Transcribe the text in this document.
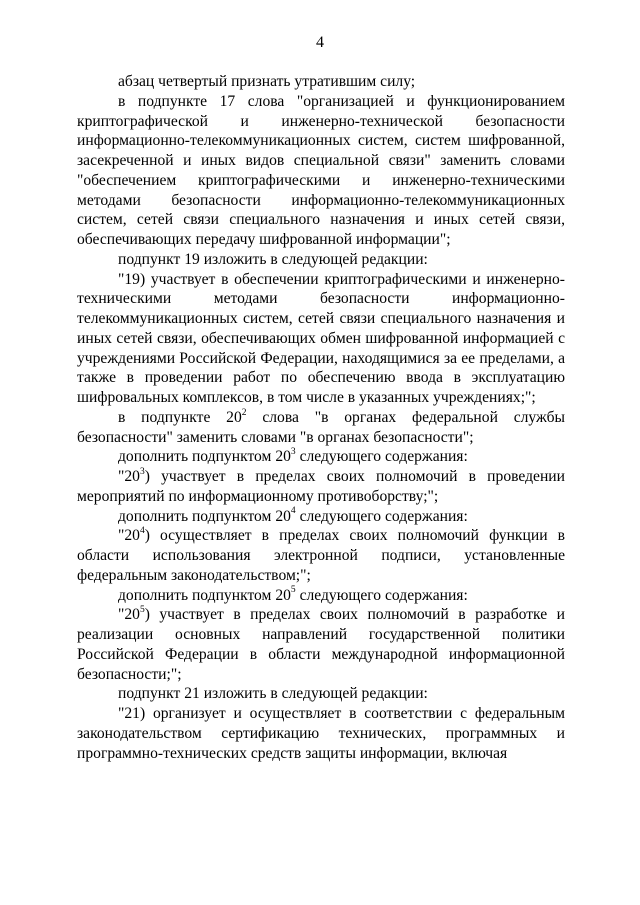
4

абзац четвертый признать утратившим силу;

в подпункте 17 слова "организацией и функционированием криптографической и инженерно-технической безопасности информационно-телекоммуникационных систем, систем шифрованной, засекреченной и иных видов специальной связи" заменить словами "обеспечением криптографическими и инженерно-техническими методами безопасности информационно-телекоммуникационных систем, сетей связи специального назначения и иных сетей связи, обеспечивающих передачу шифрованной информации";

подпункт 19 изложить в следующей редакции:

"19) участвует в обеспечении криптографическими и инженерно-техническими методами безопасности информационно-телекоммуникационных систем, сетей связи специального назначения и иных сетей связи, обеспечивающих обмен шифрованной информацией с учреждениями Российской Федерации, находящимися за ее пределами, а также в проведении работ по обеспечению ввода в эксплуатацию шифровальных комплексов, в том числе в указанных учреждениях;";

в подпункте $20^2$ слова "в органах федеральной службы безопасности" заменить словами "в органах безопасности";

дополнить подпунктом $20^3$ следующего содержания:

"$20^3$) участвует в пределах своих полномочий в проведении мероприятий по информационному противоборству;";

дополнить подпунктом $20^4$ следующего содержания:

"$20^4$) осуществляет в пределах своих полномочий функции в области использования электронной подписи, установленные федеральным законодательством;";

дополнить подпунктом $20^5$ следующего содержания:

"$20^5$) участвует в пределах своих полномочий в разработке и реализации основных направлений государственной политики Российской Федерации в области международной информационной безопасности;";

подпункт 21 изложить в следующей редакции:

"21) организует и осуществляет в соответствии с федеральным законодательством сертификацию технических, программных и программно-технических средств защиты информации, включая
